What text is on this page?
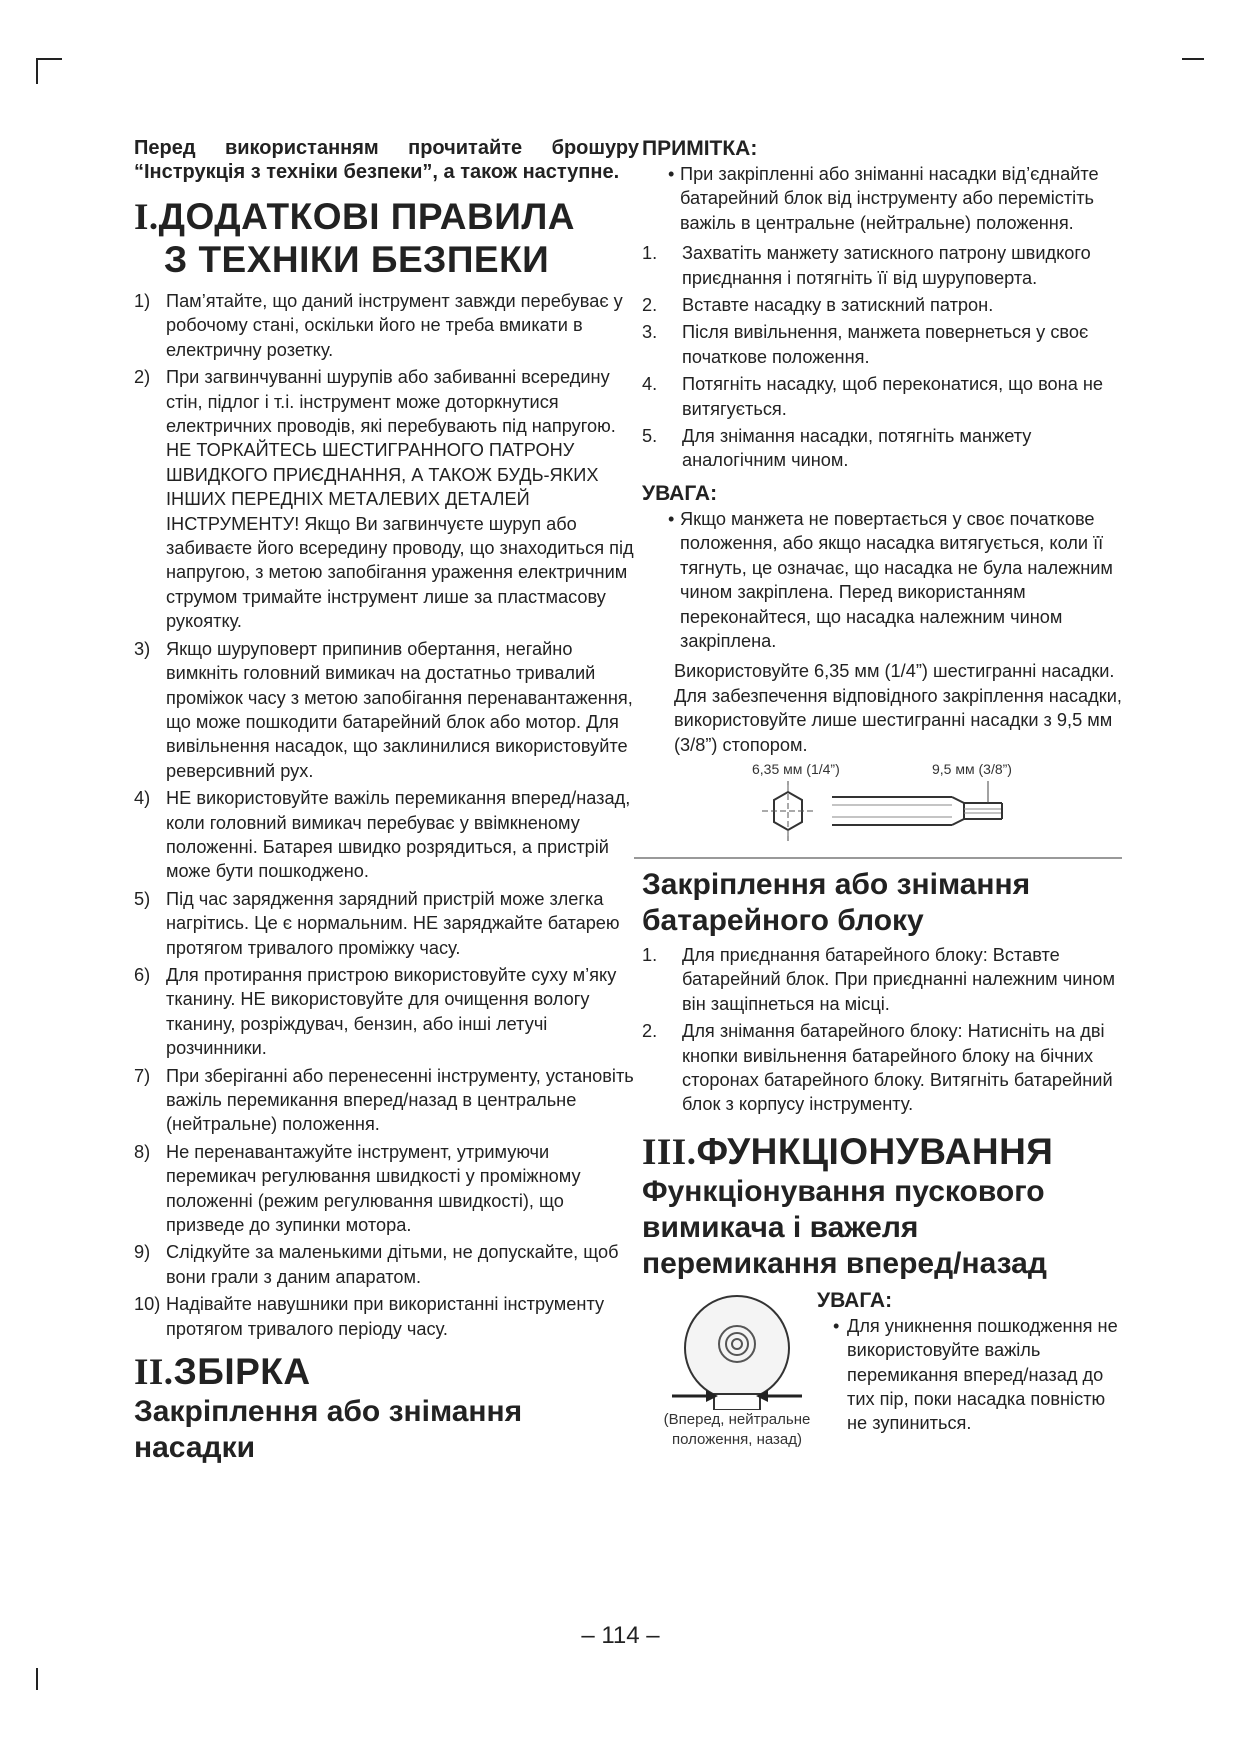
Перед використанням прочитайте брошуру “Інструкція з техніки безпеки”, а також наступне.

I.ДОДАТКОВІ ПРАВИЛА
З ТЕХНІКИ БЕЗПЕКИ
1) Пам’ятайте, що даний інструмент завжди перебуває у робочому стані, оскільки його не треба вмикати в електричну розетку.
2) При загвинчуванні шурупів або забиванні всередину стін, підлог і т.і. інструмент може доторкнутися електричних проводів, які перебувають під напругою. НЕ ТОРКАЙТЕСЬ ШЕСТИГРАННОГО ПАТРОНУ ШВИДКОГО ПРИЄДНАННЯ, А ТАКОЖ БУДЬ-ЯКИХ ІНШИХ ПЕРЕДНІХ МЕТАЛЕВИХ ДЕТАЛЕЙ ІНСТРУМЕНТУ! Якщо Ви загвинчуєте шуруп або забиваєте його всередину проводу, що знаходиться під напругою, з метою запобігання ураження електричним струмом тримайте інструмент лише за пластмасову рукоятку.
3) Якщо шуруповерт припинив обертання, негайно вимкніть головний вимикач на достатньо тривалий проміжок часу з метою запобігання перенавантаження, що може пошкодити батарейний блок або мотор. Для вивільнення насадок, що заклинилися використовуйте реверсивний рух.
4) НЕ використовуйте важіль перемикання вперед/назад, коли головний вимикач перебуває у ввімкненому положенні. Батарея швидко розрядиться, а пристрій може бути пошкоджено.
5) Під час зарядження зарядний пристрій може злегка нагрітись. Це є нормальним. НЕ заряджайте батарею протягом тривалого проміжку часу.
6) Для протирання пристрою використовуйте суху м’яку тканину. НЕ використовуйте для очищення вологу тканину, розріждувач, бензин, або інші летучі розчинники.
7) При зберіганні або перенесенні інструменту, установіть важіль перемикання вперед/назад в центральне (нейтральне) положення.
8) Не перенавантажуйте інструмент, утримуючи перемикач регулювання швидкості у проміжному положенні (режим регулювання швидкості), що призведе до зупинки мотора.
9) Слідкуйте за маленькими дітьми, не допускайте, щоб вони грали з даним апаратом.
10) Надівайте навушники при використанні інструменту протягом тривалого періоду часу.
II.ЗБІРКА
Закріплення або знімання насадки
ПРИМІТКА:
• При закріпленні або зніманні насадки від’єднайте батарейний блок від інструменту або перемістіть важіль в центральне (нейтральне) положення.
1. Захватіть манжету затискного патрону швидкого приєднання і потягніть її від шуруповерта.
2. Вставте насадку в затискний патрон.
3. Після вивільнення, манжета повернеться у своє початкове положення.
4. Потягніть насадку, щоб переконатися, що вона не витягується.
5. Для знімання насадки, потягніть манжету аналогічним чином.
УВАГА:
• Якщо манжета не повертається у своє початкове положення, або якщо насадка витягується, коли її тягнуть, це означає, що насадка не була належним чином закріплена. Перед використанням переконайтеся, що насадка належним чином закріплена.

Використовуйте 6,35 мм (1/4”) шестигранні насадки.

Для забезпечення відповідного закріплення насадки, використовуйте лише шестигранні насадки з 9,5 мм (3/8”) стопором.

6,35 мм (1/4”)	9,5 мм (3/8”)
Закріплення або знімання батарейного блоку
1. Для приєднання батарейного блоку: Вставте батарейний блок. При приєднанні належним чином він защіпнеться на місці.
2. Для знімання батарейного блоку: Натисніть на дві кнопки вивільнення батарейного блоку на бічних сторонах батарейного блоку. Витягніть батарейний блок з корпусу інструменту.
III.ФУНКЦІОНУВАННЯ
Функціонування пускового вимикача і важеля перемикання вперед/назад
(Вперед, нейтральне положення, назад)
УВАГА:
• Для уникнення пошкодження не використовуйте важіль перемикання вперед/назад до тих пір, поки насадка повністю не зупиниться.
– 114 –
